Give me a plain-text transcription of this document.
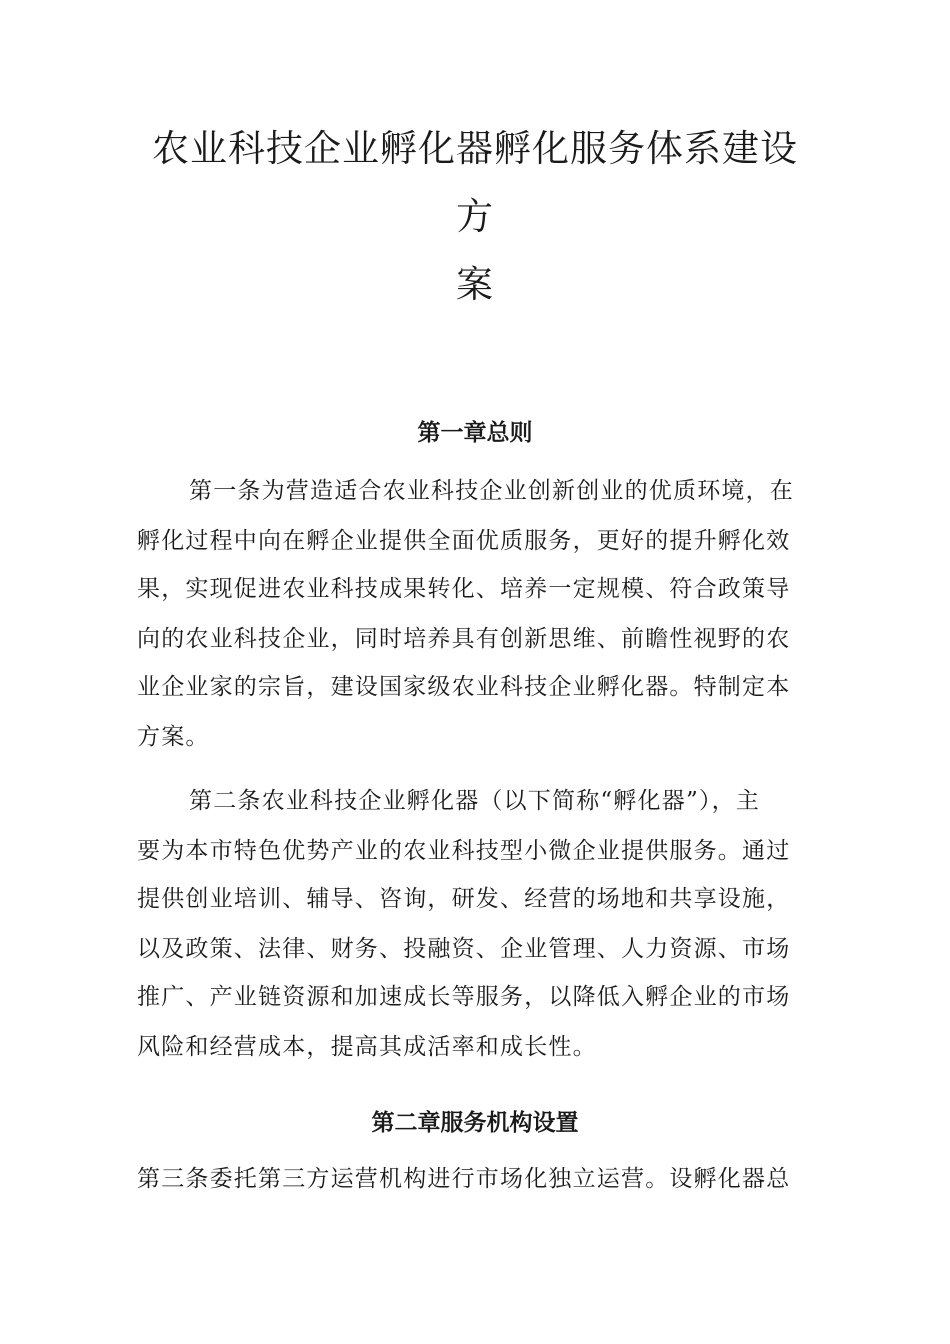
农业科技企业孵化器孵化服务体系建设
方
案
第一章总则
第一条为营造适合农业科技企业创新创业的优质环境，在
孵化过程中向在孵企业提供全面优质服务，更好的提升孵化效
果，实现促进农业科技成果转化、培养一定规模、符合政策导
向的农业科技企业，同时培养具有创新思维、前瞻性视野的农
业企业家的宗旨，建设国家级农业科技企业孵化器。特制定本
方案。
第二条农业科技企业孵化器（以下简称“孵化器”），主
要为本市特色优势产业的农业科技型小微企业提供服务。通过
提供创业培训、辅导、咨询，研发、经营的场地和共享设施，
以及政策、法律、财务、投融资、企业管理、人力资源、市场
推广、产业链资源和加速成长等服务，以降低入孵企业的市场
风险和经营成本，提高其成活率和成长性。
第二章服务机构设置
第三条委托第三方运营机构进行市场化独立运营。设孵化器总
